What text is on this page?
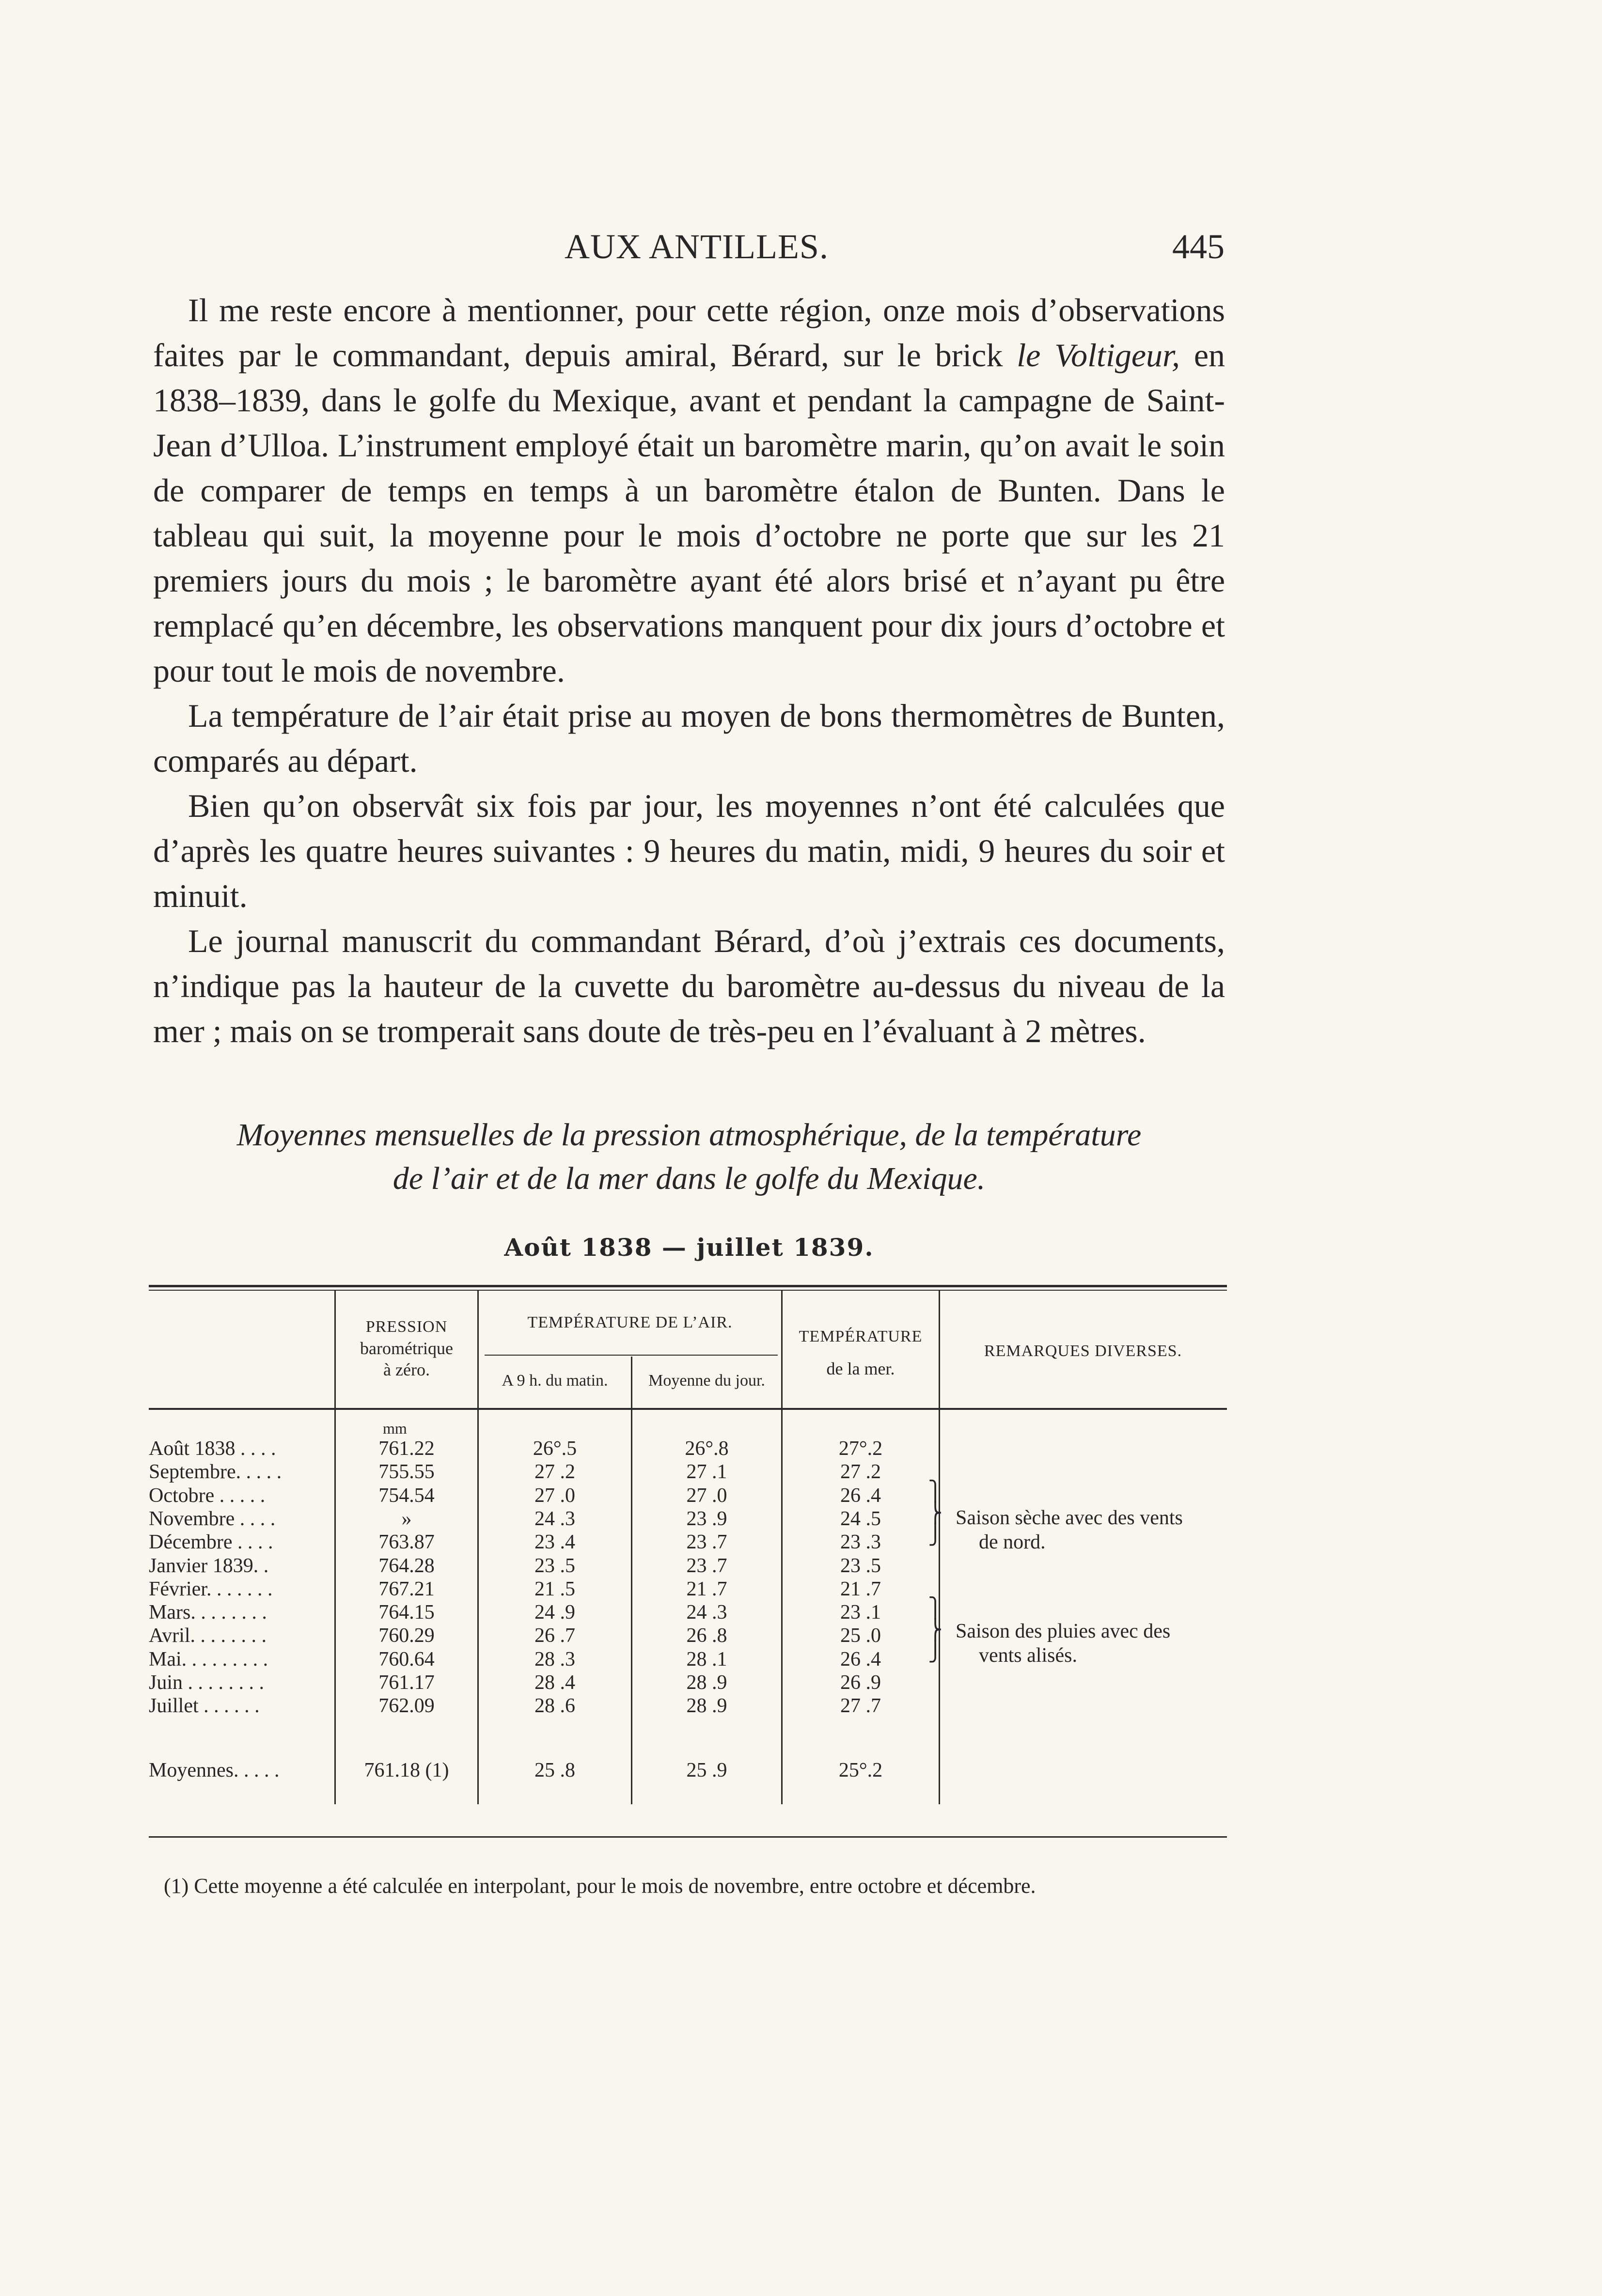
AUX ANTILLES.	445

Il me reste encore à mentionner, pour cette région, onze mois d’observations faites par le commandant, depuis amiral, Bérard, sur le brick le Voltigeur, en 1838–1839, dans le golfe du Mexique, avant et pendant la campagne de Saint-Jean d’Ulloa. L’instrument employé était un baromètre marin, qu’on avait le soin de comparer de temps en temps à un baromètre étalon de Bunten. Dans le tableau qui suit, la moyenne pour le mois d’octobre ne porte que sur les 21 premiers jours du mois ; le baromètre ayant été alors brisé et n’ayant pu être remplacé qu’en décembre, les observations manquent pour dix jours d’octobre et pour tout le mois de novembre.

La température de l’air était prise au moyen de bons thermomètres de Bunten, comparés au départ.

Bien qu’on observât six fois par jour, les moyennes n’ont été calculées que d’après les quatre heures suivantes : 9 heures du matin, midi, 9 heures du soir et minuit.

Le journal manuscrit du commandant Bérard, d’où j’extrais ces documents, n’indique pas la hauteur de la cuvette du baromètre au-dessus du niveau de la mer ; mais on se tromperait sans doute de très-peu en l’évaluant à 2 mètres.

Moyennes mensuelles de la pression atmosphérique, de la température
de l’air et de la mer dans le golfe du Mexique.
Août 1838 — juillet 1839.
PRESSION
barométrique
à zéro.
TEMPÉRATURE DE L’AIR.
A 9 h. du matin.	Moyenne du jour.
TEMPÉRATURE
de la mer.
REMARQUES DIVERSES.
mm
Août 1838 . . . .	761.22	26°.5	26°.8	27°.2
Septembre. . . . .	755.55	27 .2	27 .1	27 .2
Octobre . . . . .	754.54	27 .0	27 .0	26 .4
Novembre . . . .	»	24 .3	23 .9	24 .5
Décembre . . . .	763.87	23 .4	23 .7	23 .3
Janvier 1839. .	764.28	23 .5	23 .7	23 .5
Février. . . . . . .	767.21	21 .5	21 .7	21 .7
Mars. . . . . . . .	764.15	24 .9	24 .3	23 .1
Avril. . . . . . . .	760.29	26 .7	26 .8	25 .0
Mai. . . . . . . . .	760.64	28 .3	28 .1	26 .4
Juin . . . . . . . .	761.17	28 .4	28 .9	26 .9
Juillet . . . . . .	762.09	28 .6	28 .9	27 .7
Moyennes. . . . .	761.18 (1)	25 .8	25 .9	25°.2
⎫
⎬
⎭
Saison sèche avec des vents
de nord.
⎫
⎬
⎭
Saison des pluies avec des
vents alisés.
(1) Cette moyenne a été calculée en interpolant, pour le mois de novembre, entre octobre et décembre.
